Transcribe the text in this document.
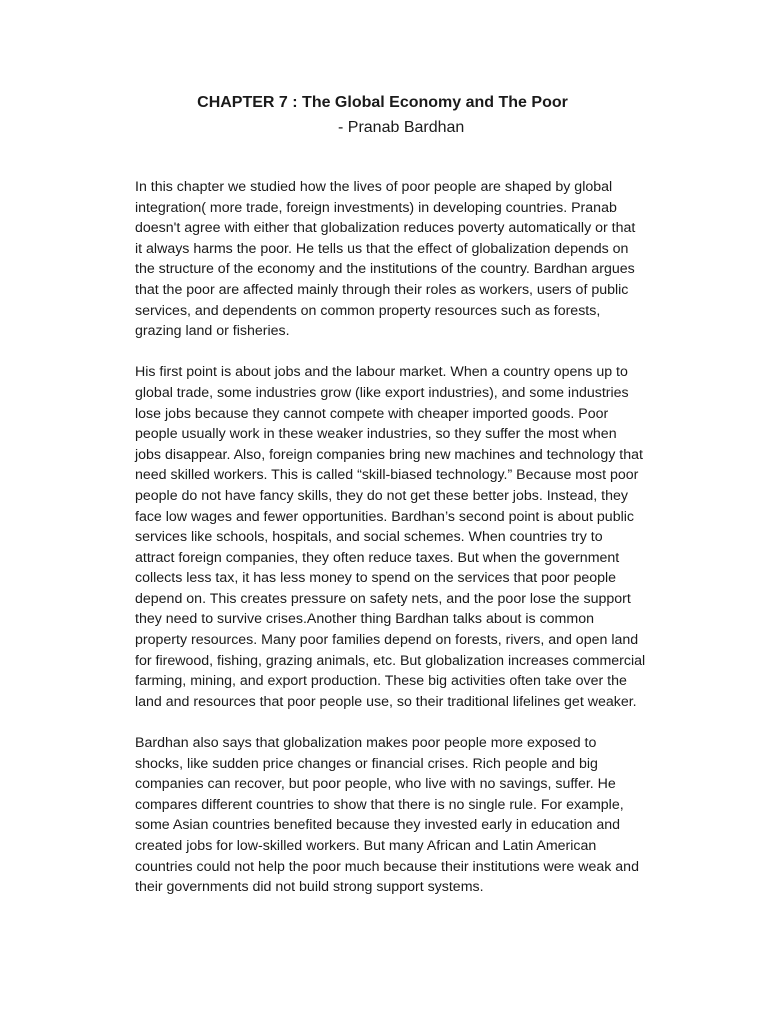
CHAPTER 7 : The Global Economy and The Poor

- Pranab Bardhan

In this chapter we studied how the lives of poor people are shaped by global
integration( more trade, foreign investments) in developing countries. Pranab
doesn't agree with either that globalization reduces poverty automatically or that
it always harms the poor. He tells us that the effect of globalization depends on
the structure of the economy and the institutions of the country. Bardhan argues
that the poor are affected mainly through their roles as workers, users of public
services, and dependents on common property resources such as forests,
grazing land or fisheries.

His first point is about jobs and the labour market. When a country opens up to
global trade, some industries grow (like export industries), and some industries
lose jobs because they cannot compete with cheaper imported goods. Poor
people usually work in these weaker industries, so they suffer the most when
jobs disappear. Also, foreign companies bring new machines and technology that
need skilled workers. This is called “skill-biased technology.” Because most poor
people do not have fancy skills, they do not get these better jobs. Instead, they
face low wages and fewer opportunities. Bardhan’s second point is about public
services like schools, hospitals, and social schemes. When countries try to
attract foreign companies, they often reduce taxes. But when the government
collects less tax, it has less money to spend on the services that poor people
depend on. This creates pressure on safety nets, and the poor lose the support
they need to survive crises.Another thing Bardhan talks about is common
property resources. Many poor families depend on forests, rivers, and open land
for firewood, fishing, grazing animals, etc. But globalization increases commercial
farming, mining, and export production. These big activities often take over the
land and resources that poor people use, so their traditional lifelines get weaker.

Bardhan also says that globalization makes poor people more exposed to
shocks, like sudden price changes or financial crises. Rich people and big
companies can recover, but poor people, who live with no savings, suffer. He
compares different countries to show that there is no single rule. For example,
some Asian countries benefited because they invested early in education and
created jobs for low-skilled workers. But many African and Latin American
countries could not help the poor much because their institutions were weak and
their governments did not build strong support systems.
